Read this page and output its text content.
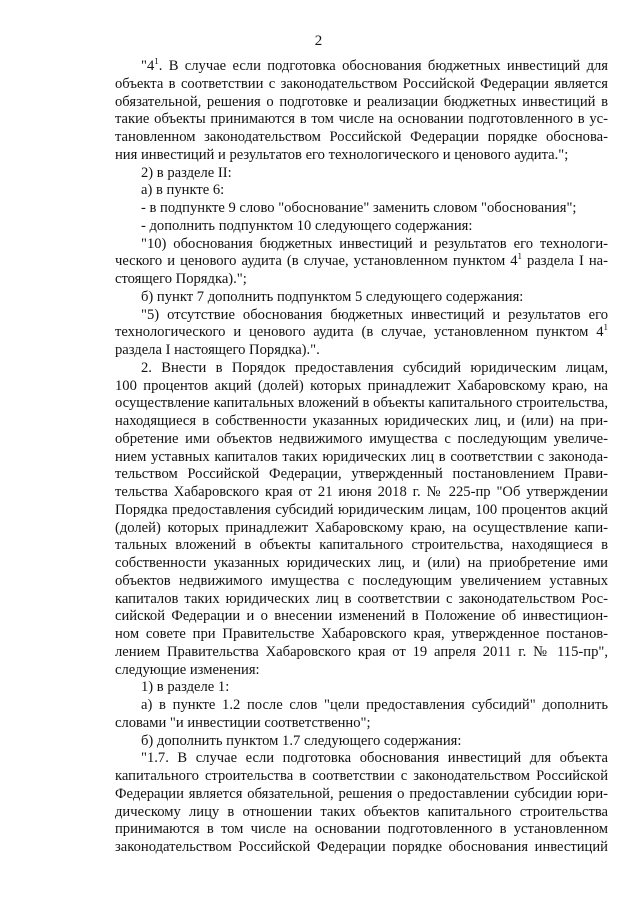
2
"$4^1$. В случае если подготовка обоснования бюджетных инвестиций для
объекта в соответствии с законодательством Российской Федерации является
обязательной, решения о подготовке и реализации бюджетных инвестиций в
такие объекты принимаются в том числе на основании подготовленного в ус-
тановленном законодательством Российской Федерации порядке обоснова-
ния инвестиций и результатов его технологического и ценового аудита.";
2) в разделе II:
а) в пункте 6:
- в подпункте 9 слово "обоснование" заменить словом "обоснования";
- дополнить подпунктом 10 следующего содержания:
"10) обоснования бюджетных инвестиций и результатов его технологи-
ческого и ценового аудита (в случае, установленном пунктом $4^1$ раздела I на-
стоящего Порядка).";
б) пункт 7 дополнить подпунктом 5 следующего содержания:
"5) отсутствие обоснования бюджетных инвестиций и результатов его
технологического и ценового аудита (в случае, установленном пунктом $4^1$
раздела I настоящего Порядка).".
2. Внести в Порядок предоставления субсидий юридическим лицам,
100 процентов акций (долей) которых принадлежит Хабаровскому краю, на
осуществление капитальных вложений в объекты капитального строительства,
находящиеся в собственности указанных юридических лиц, и (или) на при-
обретение ими объектов недвижимого имущества с последующим увеличе-
нием уставных капиталов таких юридических лиц в соответствии с законода-
тельством Российской Федерации, утвержденный постановлением Прави-
тельства Хабаровского края от 21 июня 2018 г. № 225-пр "Об утверждении
Порядка предоставления субсидий юридическим лицам, 100 процентов акций
(долей) которых принадлежит Хабаровскому краю, на осуществление капи-
тальных вложений в объекты капитального строительства, находящиеся в
собственности указанных юридических лиц, и (или) на приобретение ими
объектов недвижимого имущества с последующим увеличением уставных
капиталов таких юридических лиц в соответствии с законодательством Рос-
сийской Федерации и о внесении изменений в Положение об инвестицион-
ном совете при Правительстве Хабаровского края, утвержденное постанов-
лением Правительства Хабаровского края от 19 апреля 2011 г. № 115-пр",
следующие изменения:
1) в разделе 1:
а) в пункте 1.2 после слов "цели предоставления субсидий" дополнить
словами "и инвестиции соответственно";
б) дополнить пунктом 1.7 следующего содержания:
"1.7. В случае если подготовка обоснования инвестиций для объекта
капитального строительства в соответствии с законодательством Российской
Федерации является обязательной, решения о предоставлении субсидии юри-
дическому лицу в отношении таких объектов капитального строительства
принимаются в том числе на основании подготовленного в установленном
законодательством Российской Федерации порядке обоснования инвестиций
